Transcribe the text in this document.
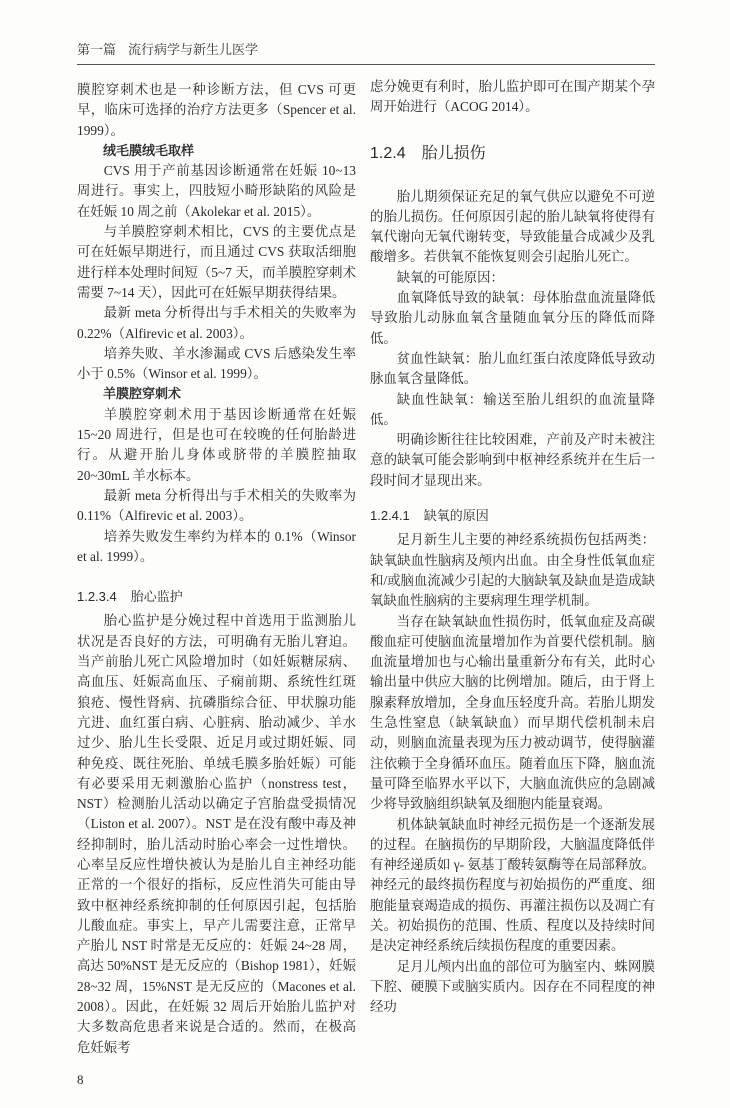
第一篇 流行病学与新生儿医学

膜腔穿刺术也是一种诊断方法，但 CVS 可更早，临床可选择的治疗方法更多（Spencer et al. 1999）。

绒毛膜绒毛取样

CVS 用于产前基因诊断通常在妊娠 10~13 周进行。事实上，四肢短小畸形缺陷的风险是在妊娠 10 周之前（Akolekar et al. 2015）。

与羊膜腔穿刺术相比，CVS 的主要优点是可在妊娠早期进行，而且通过 CVS 获取活细胞进行样本处理时间短（5~7 天，而羊膜腔穿刺术需要 7~14 天），因此可在妊娠早期获得结果。

最新 meta 分析得出与手术相关的失败率为 0.22%（Alfirevic et al. 2003）。

培养失败、羊水渗漏或 CVS 后感染发生率小于 0.5%（Winsor et al. 1999）。

羊膜腔穿刺术

羊膜腔穿刺术用于基因诊断通常在妊娠 15~20 周进行，但是也可在较晚的任何胎龄进行。从避开胎儿身体或脐带的羊膜腔抽取 20~30mL 羊水标本。

最新 meta 分析得出与手术相关的失败率为 0.11%（Alfirevic et al. 2003）。

培养失败发生率约为样本的 0.1%（Winsor et al. 1999）。

1.2.3.4 胎心监护

胎心监护是分娩过程中首选用于监测胎儿状况是否良好的方法，可明确有无胎儿窘迫。当产前胎儿死亡风险增加时（如妊娠糖尿病、高血压、妊娠高血压、子痫前期、系统性红斑狼疮、慢性肾病、抗磷脂综合征、甲状腺功能亢进、血红蛋白病、心脏病、胎动减少、羊水过少、胎儿生长受限、近足月或过期妊娠、同种免疫、既往死胎、单绒毛膜多胎妊娠）可能有必要采用无刺激胎心监护（nonstress test，NST）检测胎儿活动以确定子宫胎盘受损情况（Liston et al. 2007）。NST 是在没有酸中毒及神经抑制时，胎儿活动时胎心率会一过性增快。心率呈反应性增快被认为是胎儿自主神经功能正常的一个很好的指标，反应性消失可能由导致中枢神经系统抑制的任何原因引起，包括胎儿酸血症。事实上，早产儿需要注意，正常早产胎儿 NST 时常是无反应的：妊娠 24~28 周，高达 50%NST 是无反应的（Bishop 1981），妊娠 28~32 周，15%NST 是无反应的（Macones et al. 2008）。因此，在妊娠 32 周后开始胎儿监护对大多数高危患者来说是合适的。然而，在极高危妊娠考

8

虑分娩更有利时，胎儿监护即可在围产期某个孕周开始进行（ACOG 2014）。

1.2.4 胎儿损伤

胎儿期须保证充足的氧气供应以避免不可逆的胎儿损伤。任何原因引起的胎儿缺氧将使得有氧代谢向无氧代谢转变，导致能量合成减少及乳酸增多。若供氧不能恢复则会引起胎儿死亡。

缺氧的可能原因：

血氧降低导致的缺氧：母体胎盘血流量降低导致胎儿动脉血氧含量随血氧分压的降低而降低。

贫血性缺氧：胎儿血红蛋白浓度降低导致动脉血氧含量降低。

缺血性缺氧：输送至胎儿组织的血流量降低。

明确诊断往往比较困难，产前及产时未被注意的缺氧可能会影响到中枢神经系统并在生后一段时间才显现出来。

1.2.4.1 缺氧的原因

足月新生儿主要的神经系统损伤包括两类：缺氧缺血性脑病及颅内出血。由全身性低氧血症和/或脑血流减少引起的大脑缺氧及缺血是造成缺氧缺血性脑病的主要病理生理学机制。

当存在缺氧缺血性损伤时，低氧血症及高碳酸血症可使脑血流量增加作为首要代偿机制。脑血流量增加也与心输出量重新分布有关，此时心输出量中供应大脑的比例增加。随后，由于肾上腺素释放增加，全身血压轻度升高。若胎儿期发生急性窒息（缺氧缺血）而早期代偿机制未启动，则脑血流量表现为压力被动调节，使得脑灌注依赖于全身循环血压。随着血压下降，脑血流量可降至临界水平以下，大脑血流供应的急剧减少将导致脑组织缺氧及细胞内能量衰竭。

机体缺氧缺血时神经元损伤是一个逐渐发展的过程。在脑损伤的早期阶段，大脑温度降低伴有神经递质如 γ- 氨基丁酸转氨酶等在局部释放。神经元的最终损伤程度与初始损伤的严重度、细胞能量衰竭造成的损伤、再灌注损伤以及凋亡有关。初始损伤的范围、性质、程度以及持续时间是决定神经系统后续损伤程度的重要因素。

足月儿颅内出血的部位可为脑室内、蛛网膜下腔、硬膜下或脑实质内。因存在不同程度的神经功
